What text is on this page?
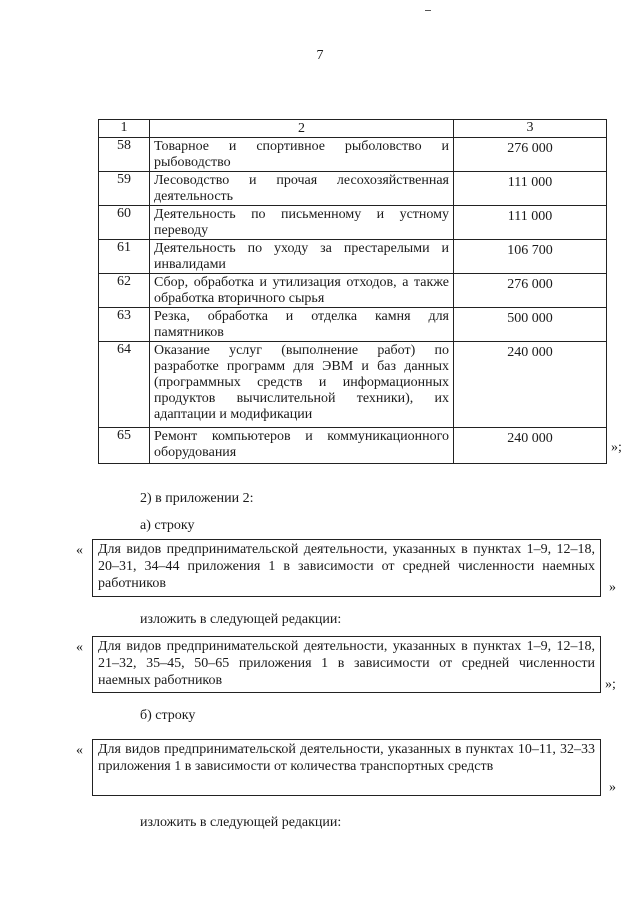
7
1	2	3
58	Товарное и спортивное рыболовство и рыбоводство	276 000
59	Лесоводство и прочая лесохозяйственная деятельность	111 000
60	Деятельность по письменному и устному переводу	111 000
61	Деятельность по уходу за престарелыми и инвалидами	106 700
62	Сбор, обработка и утилизация отходов, а также обработка вторичного сырья	276 000
63	Резка, обработка и отделка камня для памятников	500 000
64	Оказание услуг (выполнение работ) по разработке программ для ЭВМ и баз данных (программных средств и информационных продуктов вычислительной техники), их адаптации и модификации	240 000
65	Ремонт компьютеров и коммуникационного оборудования	240 000
»;
2) в приложении 2:
а) строку
«	Для видов предпринимательской деятельности, указанных в пунктах 1–9, 12–18, 20–31, 34–44 приложения 1 в зависимости от средней численности наемных работников	»
изложить в следующей редакции:
«	Для видов предпринимательской деятельности, указанных в пунктах 1–9, 12–18, 21–32, 35–45, 50–65 приложения 1 в зависимости от средней численности наемных работников	»;
б) строку
«	Для видов предпринимательской деятельности, указанных в пунктах 10–11, 32–33 приложения 1 в зависимости от количества транспортных средств
»
изложить в следующей редакции:
